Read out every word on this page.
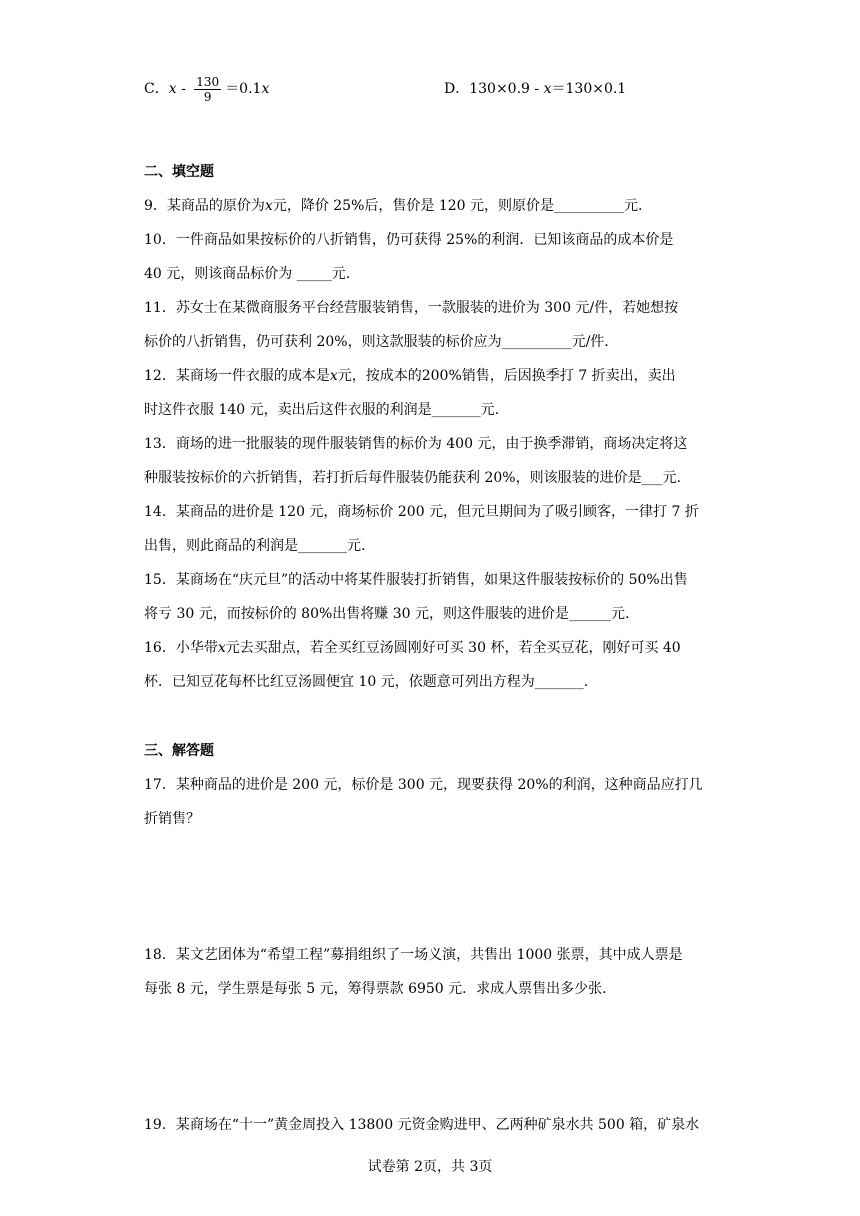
C．x ‐ $\frac{130}{9} =0.1x$	D．130×0.9 ‐ x＝130×0.1
二、填空题
9．某商品的原价为x元，降价 25%后，售价是 120 元，则原价是__________元.
10．一件商品如果按标价的八折销售，仍可获得 25%的利润．已知该商品的成本价是
40 元，则该商品标价为 _____元.
11．苏女士在某微商服务平台经营服装销售，一款服装的进价为 300 元/件，若她想按
标价的八折销售，仍可获利 20%，则这款服装的标价应为__________元/件.
12．某商场一件衣服的成本是x元，按成本的200%销售，后因换季打 7 折卖出，卖出
时这件衣服 140 元，卖出后这件衣服的利润是_______元.
13．商场的进一批服装的现件服装销售的标价为 400 元，由于换季滞销，商场决定将这
种服装按标价的六折销售，若打折后每件服装仍能获利 20%，则该服装的进价是___元.
14．某商品的进价是 120 元，商场标价 200 元，但元旦期间为了吸引顾客，一律打 7 折
出售，则此商品的利润是_______元.
15．某商场在“庆元旦”的活动中将某件服装打折销售，如果这件服装按标价的 50%出售
将亏 30 元，而按标价的 80%出售将赚 30 元，则这件服装的进价是______元.
16．小华带x元去买甜点，若全买红豆汤圆刚好可买 30 杯，若全买豆花，刚好可买 40
杯．已知豆花每杯比红豆汤圆便宜 10 元，依题意可列出方程为_______.
三、解答题
17．某种商品的进价是 200 元，标价是 300 元，现要获得 20%的利润，这种商品应打几
折销售？
18．某文艺团体为“希望工程”募捐组织了一场义演，共售出 1000 张票，其中成人票是
每张 8 元，学生票是每张 5 元，筹得票款 6950 元．求成人票售出多少张.
19．某商场在“十一”黄金周投入 13800 元资金购进甲、乙两种矿泉水共 500 箱，矿泉水
试卷第 2页，共 3页
